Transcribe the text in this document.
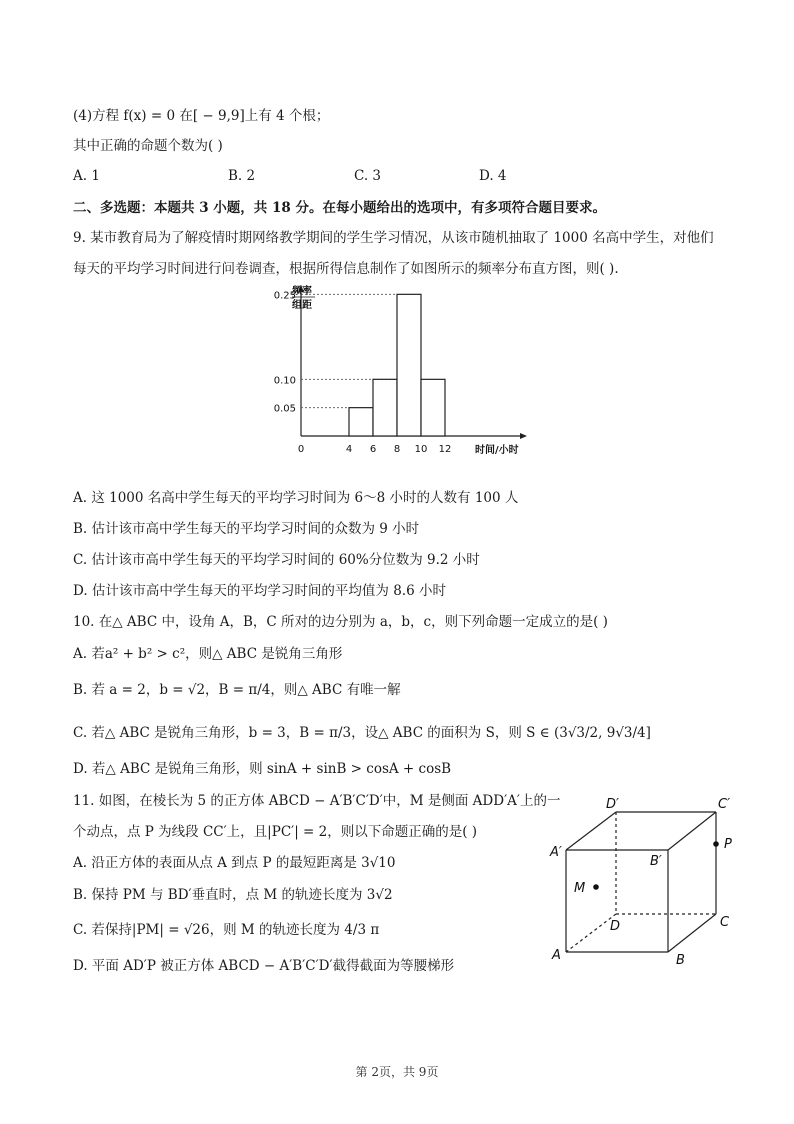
(4)方程 f(x) = 0 在[ − 9,9]上有 4 个根；
其中正确的命题个数为( )
A. 1	B. 2	C. 3	D. 4
二、多选题：本题共 3 小题，共 18 分。在每小题给出的选项中，有多项符合题目要求。
9. 某市教育局为了解疫情时期网络教学期间的学生学习情况，从该市随机抽取了 1000 名高中学生，对他们
每天的平均学习时间进行问卷调查，根据所得信息制作了如图所示的频率分布直方图，则( ).
0.05
0.10
0.25
0	4 6 8 10 12
频率
组距
时间/小时
A. 这 1000 名高中学生每天的平均学习时间为 6～8 小时的人数有 100 人
B. 估计该市高中学生每天的平均学习时间的众数为 9 小时
C. 估计该市高中学生每天的平均学习时间的 60%分位数为 9.2 小时
D. 估计该市高中学生每天的平均学习时间的平均值为 8.6 小时
10. 在△ ABC 中，设角 A，B，C 所对的边分别为 a，b，c，则下列命题一定成立的是( )
A. 若a² + b² > c²，则△ ABC 是锐角三角形
B. 若 a = 2，b = √2，B = π/4，则△ ABC 有唯一解
C. 若△ ABC 是锐角三角形，b = 3，B = π/3，设△ ABC 的面积为 S，则 S ∈ (3√3/2, 9√3/4]
D. 若△ ABC 是锐角三角形，则 sinA + sinB > cosA + cosB
11. 如图，在棱长为 5 的正方体 ABCD − A′B′C′D′中，M 是侧面 ADD′A′上的一
个动点，点 P 为线段 CC′上，且|PC′| = 2，则以下命题正确的是( )
A. 沿正方体的表面从点 A 到点 P 的最短距离是 3√10
B. 保持 PM 与 BD′垂直时，点 M 的轨迹长度为 3√2
C. 若保持|PM| = √26，则 M 的轨迹长度为 4/3 π
D. 平面 AD′P 被正方体 ABCD − A′B′C′D′截得截面为等腰梯形
A	B
C
D
A′
B′
C′
D′
P
M
第 2页，共 9页
